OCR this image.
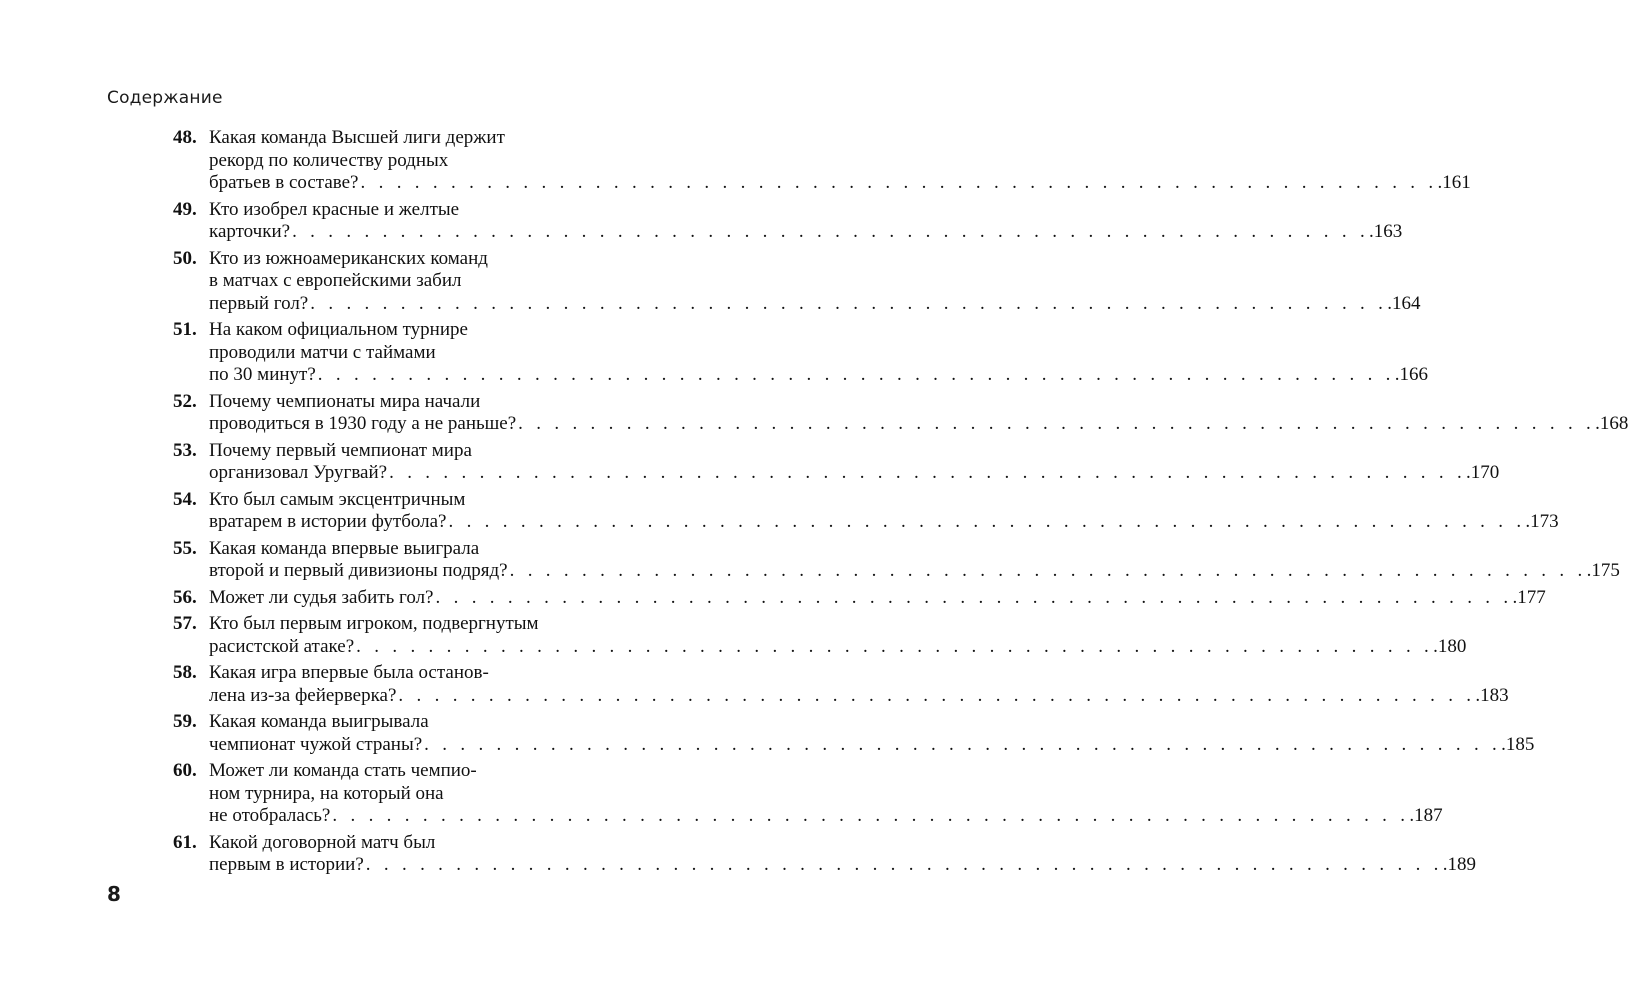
Содержание
48. Какая команда Высшей лиги держит
рекорд по количеству родных
братьев в составе? . . . . . . . . . . . . . . . . . . . . . . . . . . . . . . . . . . . . . . . . . . . . . . . . . . . . . . . . . . . . .161
49. Кто изобрел красные и желтые
карточки? . . . . . . . . . . . . . . . . . . . . . . . . . . . . . . . . . . . . . . . . . . . . . . . . . . . . . . . . . . . . .163
50. Кто из южноамериканских команд
в матчах с европейскими забил
первый гол? . . . . . . . . . . . . . . . . . . . . . . . . . . . . . . . . . . . . . . . . . . . . . . . . . . . . . . . . . . . . .164
51. На каком официальном турнире
проводили матчи с таймами
по 30 минут? . . . . . . . . . . . . . . . . . . . . . . . . . . . . . . . . . . . . . . . . . . . . . . . . . . . . . . . . . . . . .166
52. Почему чемпионаты мира начали
проводиться в 1930 году а не раньше? . . . . . . . . . . . . . . . . . . . . . . . . . . . . . . . . . . . . . . . . . . . . . . . . . . . . . . . . . . . . .168
53. Почему первый чемпионат мира
организовал Уругвай? . . . . . . . . . . . . . . . . . . . . . . . . . . . . . . . . . . . . . . . . . . . . . . . . . . . . . . . . . . . . .170
54. Кто был самым эксцентричным
вратарем в истории футбола? . . . . . . . . . . . . . . . . . . . . . . . . . . . . . . . . . . . . . . . . . . . . . . . . . . . . . . . . . . . . .173
55. Какая команда впервые выиграла
второй и первый дивизионы подряд? . . . . . . . . . . . . . . . . . . . . . . . . . . . . . . . . . . . . . . . . . . . . . . . . . . . . . . . . . . . . .175
56. Может ли судья забить гол? . . . . . . . . . . . . . . . . . . . . . . . . . . . . . . . . . . . . . . . . . . . . . . . . . . . . . . . . . . . . .177
57. Кто был первым игроком, подвергнутым
расистской атаке? . . . . . . . . . . . . . . . . . . . . . . . . . . . . . . . . . . . . . . . . . . . . . . . . . . . . . . . . . . . . .180
58. Какая игра впервые была останов-
лена из-за фейерверка? . . . . . . . . . . . . . . . . . . . . . . . . . . . . . . . . . . . . . . . . . . . . . . . . . . . . . . . . . . . . .183
59. Какая команда выигрывала
чемпионат чужой страны? . . . . . . . . . . . . . . . . . . . . . . . . . . . . . . . . . . . . . . . . . . . . . . . . . . . . . . . . . . . . .185
60. Может ли команда стать чемпио-
ном турнира, на который она
не отобралась? . . . . . . . . . . . . . . . . . . . . . . . . . . . . . . . . . . . . . . . . . . . . . . . . . . . . . . . . . . . . .187
61. Какой договорной матч был
первым в истории? . . . . . . . . . . . . . . . . . . . . . . . . . . . . . . . . . . . . . . . . . . . . . . . . . . . . . . . . . . . . .189
8
